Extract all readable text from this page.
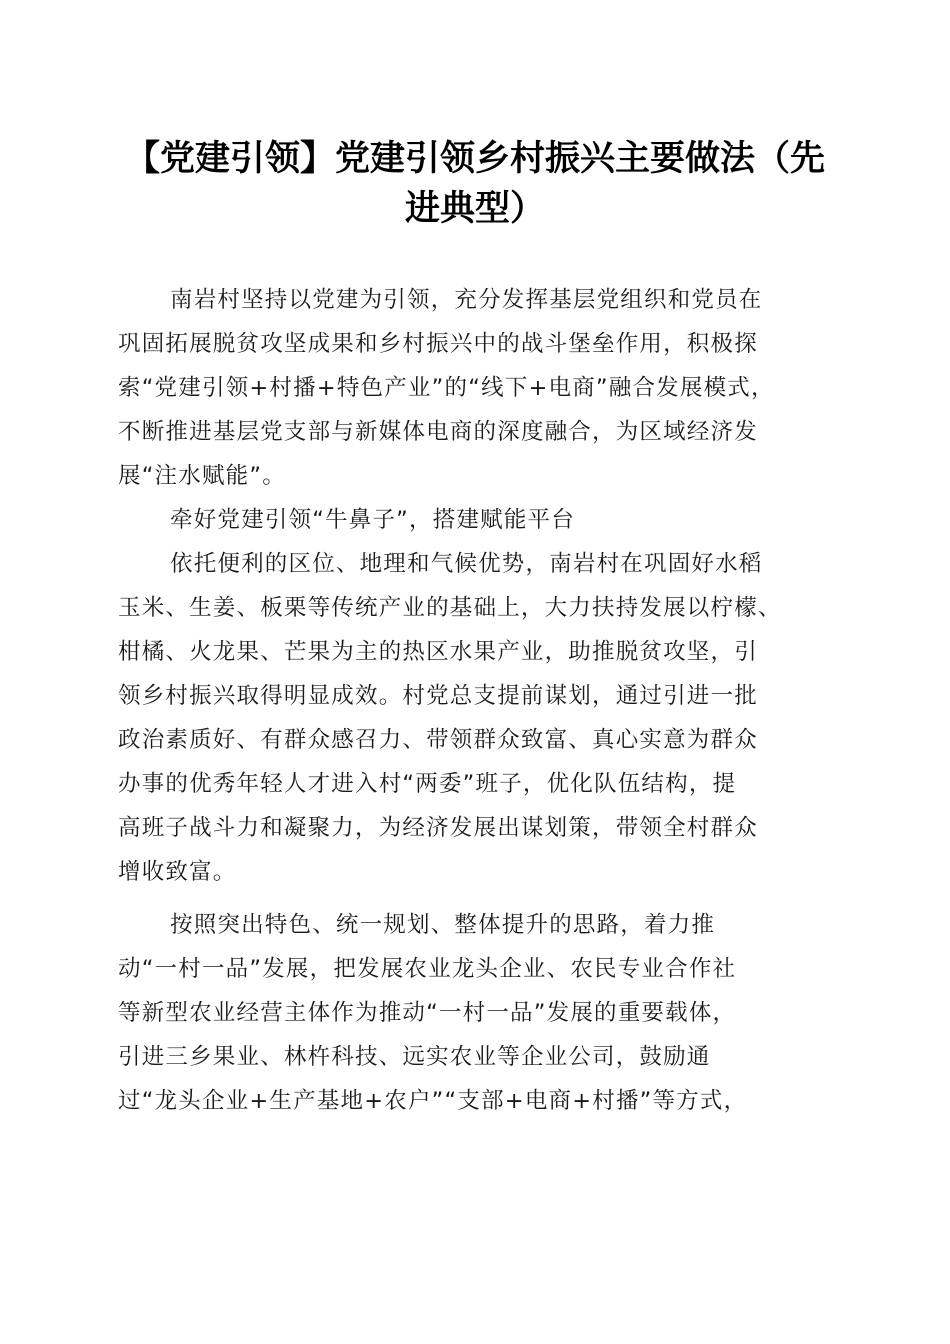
【党建引领】党建引领乡村振兴主要做法（先
进典型）
南岩村坚持以党建为引领，充分发挥基层党组织和党员在
巩固拓展脱贫攻坚成果和乡村振兴中的战斗堡垒作用，积极探
索“党建引领+村播+特色产业”的“线下+电商”融合发展模式，
不断推进基层党支部与新媒体电商的深度融合，为区域经济发
展“注水赋能”。
牵好党建引领“牛鼻子”，搭建赋能平台
依托便利的区位、地理和气候优势，南岩村在巩固好水稻
玉米、生姜、板栗等传统产业的基础上，大力扶持发展以柠檬、
柑橘、火龙果、芒果为主的热区水果产业，助推脱贫攻坚，引
领乡村振兴取得明显成效。村党总支提前谋划，通过引进一批
政治素质好、有群众感召力、带领群众致富、真心实意为群众
办事的优秀年轻人才进入村“两委”班子，优化队伍结构，提
高班子战斗力和凝聚力，为经济发展出谋划策，带领全村群众
增收致富。
按照突出特色、统一规划、整体提升的思路，着力推
动“一村一品”发展，把发展农业龙头企业、农民专业合作社
等新型农业经营主体作为推动“一村一品”发展的重要载体，
引进三乡果业、林杵科技、远实农业等企业公司，鼓励通
过“龙头企业+生产基地+农户”“支部+电商+村播”等方式，
